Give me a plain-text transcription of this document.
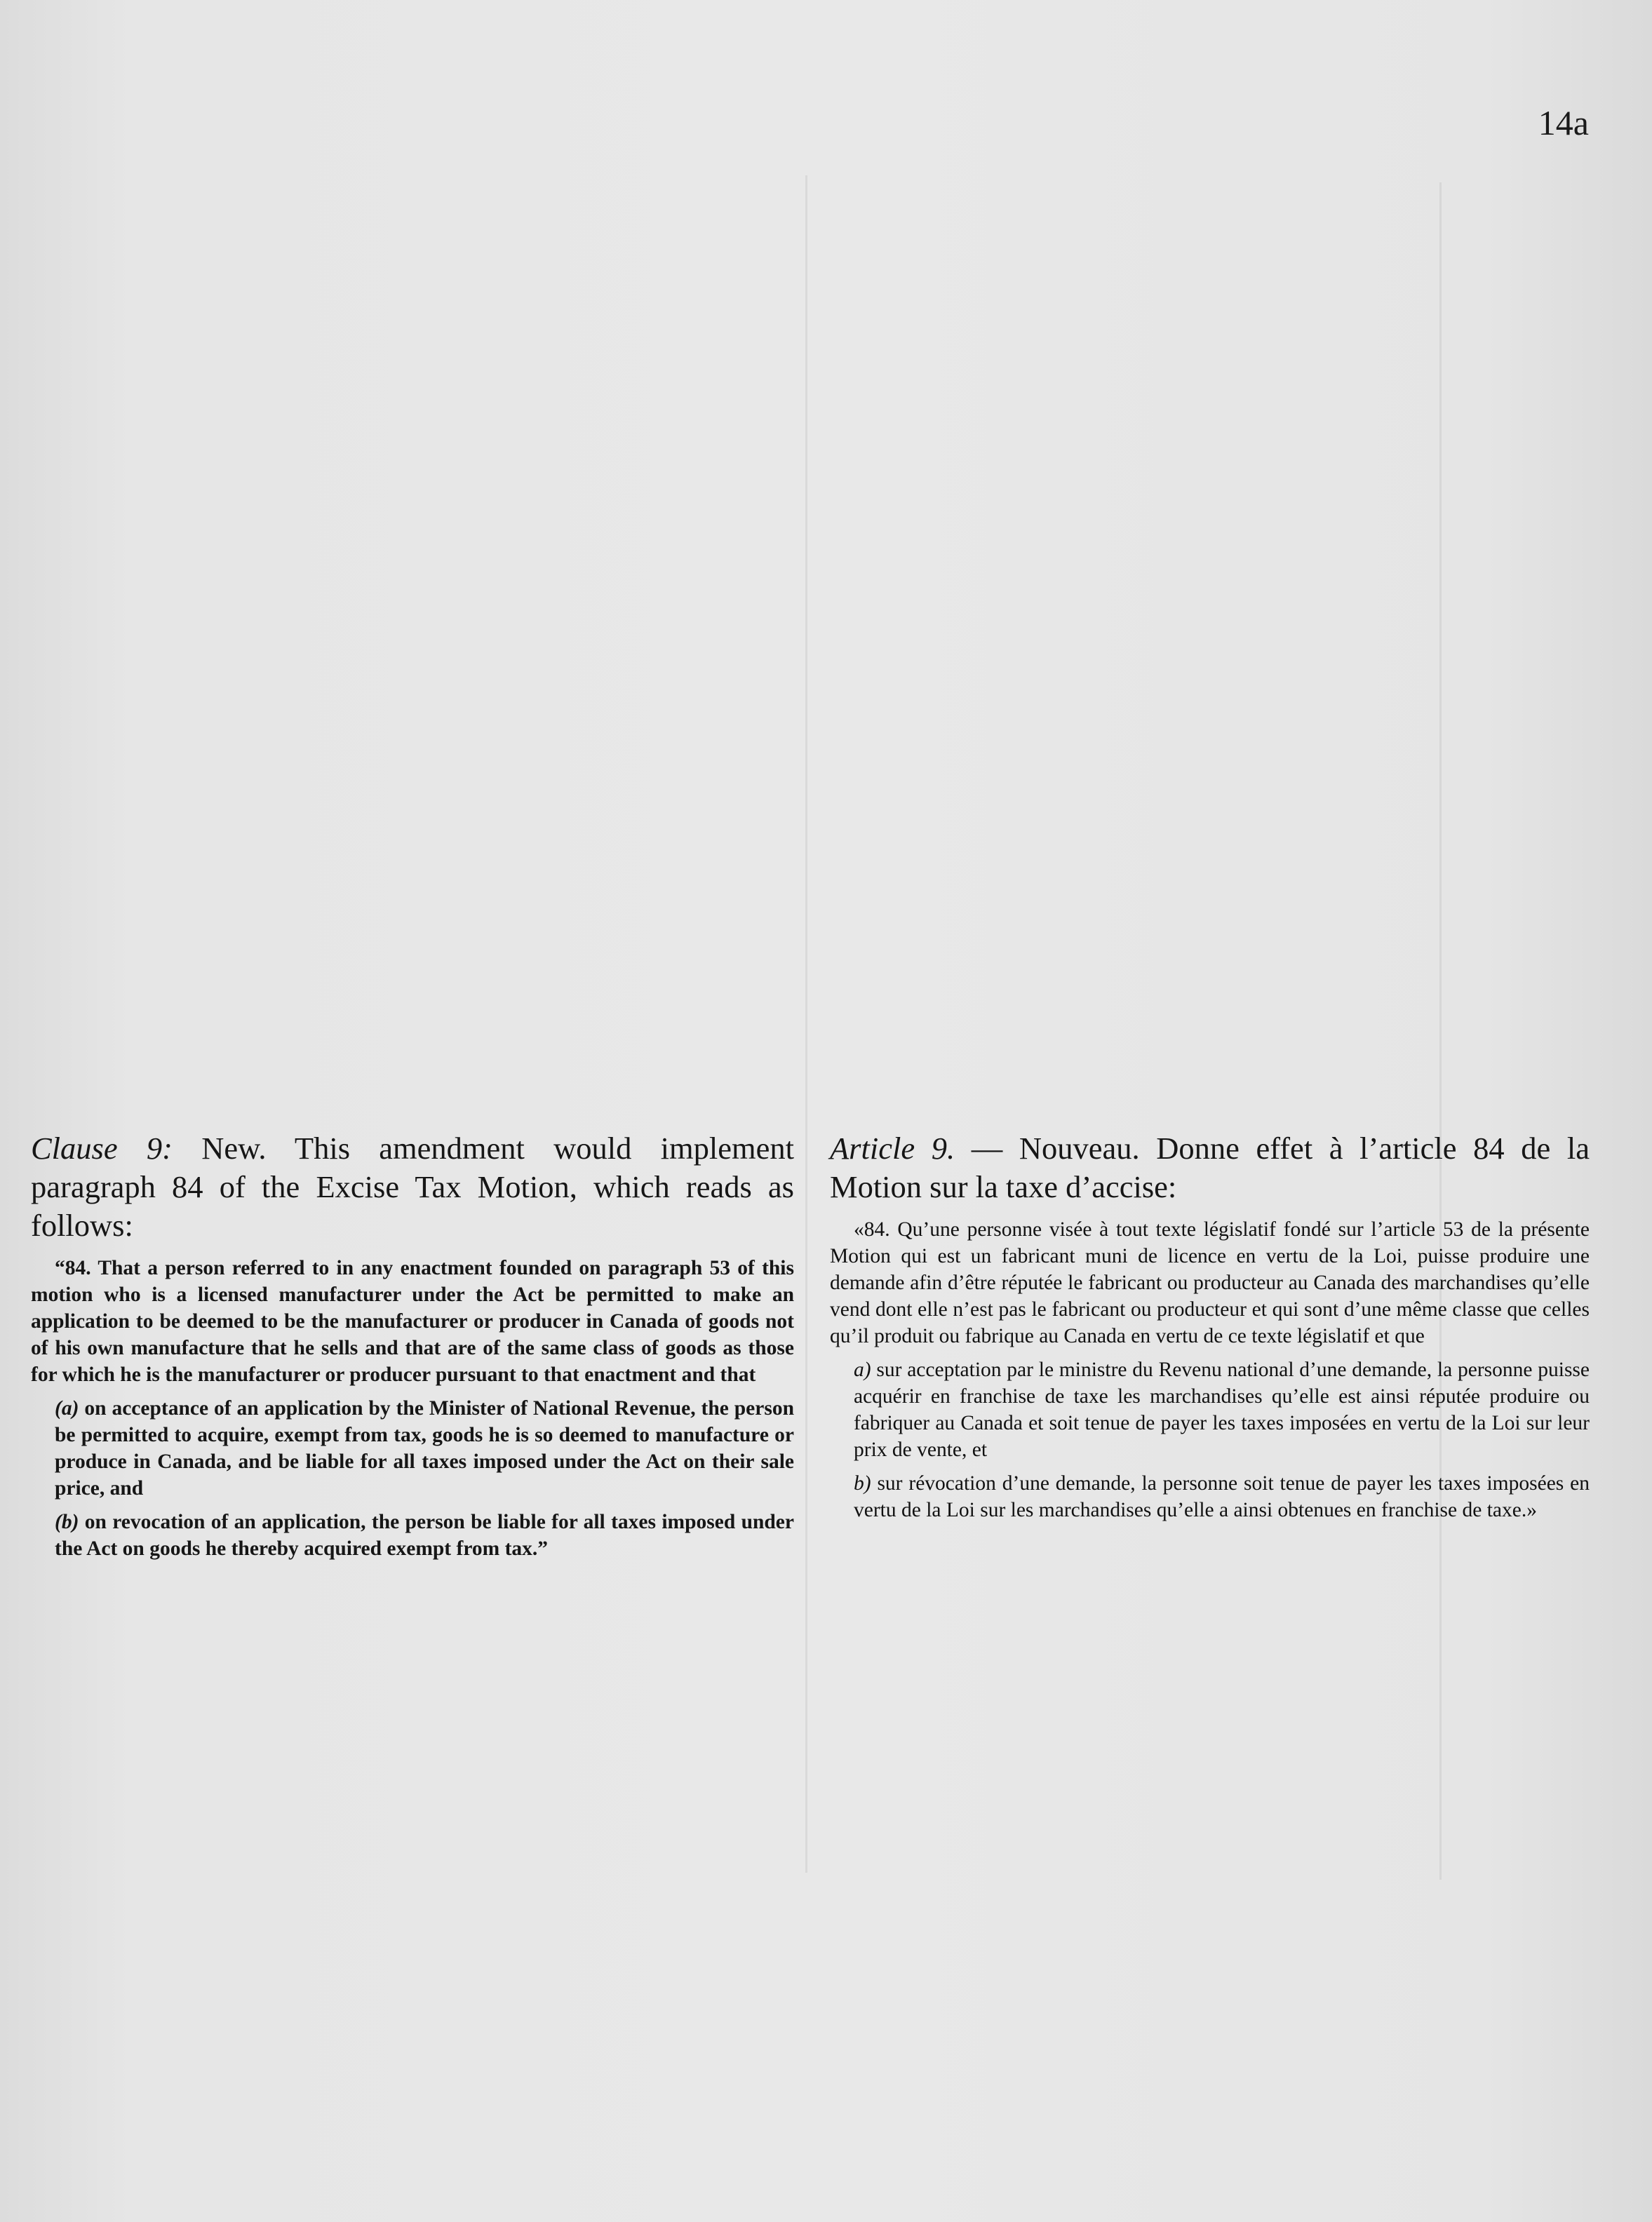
14a

Clause 9: New. This amendment would implement paragraph 84 of the Excise Tax Motion, which reads as follows:

“84. That a person referred to in any enactment founded on paragraph 53 of this motion who is a licensed manufacturer under the Act be permitted to make an application to be deemed to be the manufacturer or producer in Canada of goods not of his own manufacture that he sells and that are of the same class of goods as those for which he is the manufacturer or producer pursuant to that enactment and that

(a) on acceptance of an application by the Minister of National Revenue, the person be permitted to acquire, exempt from tax, goods he is so deemed to manufacture or produce in Canada, and be liable for all taxes imposed under the Act on their sale price, and

(b) on revocation of an application, the person be liable for all taxes imposed under the Act on goods he thereby acquired exempt from tax.”

Article 9. — Nouveau. Donne effet à l’article 84 de la Motion sur la taxe d’accise:

«84. Qu’une personne visée à tout texte législatif fondé sur l’article 53 de la présente Motion qui est un fabricant muni de licence en vertu de la Loi, puisse produire une demande afin d’être réputée le fabricant ou producteur au Canada des marchandises qu’elle vend dont elle n’est pas le fabricant ou producteur et qui sont d’une même classe que celles qu’il produit ou fabrique au Canada en vertu de ce texte législatif et que

a) sur acceptation par le ministre du Revenu national d’une demande, la personne puisse acquérir en franchise de taxe les marchandises qu’elle est ainsi réputée produire ou fabriquer au Canada et soit tenue de payer les taxes imposées en vertu de la Loi sur leur prix de vente, et

b) sur révocation d’une demande, la personne soit tenue de payer les taxes imposées en vertu de la Loi sur les marchandises qu’elle a ainsi obtenues en franchise de taxe.»
